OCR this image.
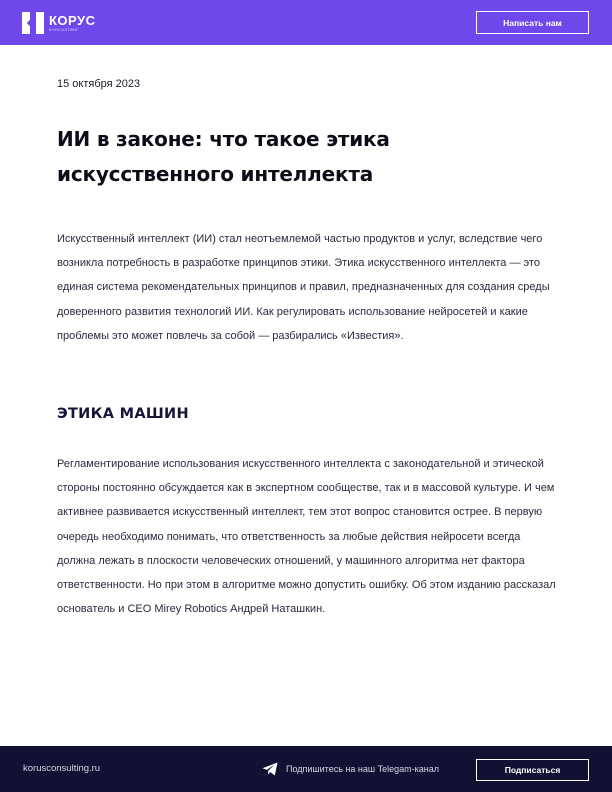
КОРУС
КОНСАЛТИНГ
Написать нам
15 октября 2023
ИИ в законе: что такое этика искусственного интеллекта

Искусственный интеллект (ИИ) стал неотъемлемой частью продуктов и услуг, вследствие чего возникла потребность в разработке принципов этики. Этика искусственного интеллекта — это единая система рекомендательных принципов и правил, предназначенных для создания среды доверенного развития технологий ИИ. Как регулировать использование нейросетей и какие проблемы это может повлечь за собой — разбирались «Известия».

ЭТИКА МАШИН

Регламентирование использования искусственного интеллекта с законодательной и этической стороны постоянно обсуждается как в экспертном сообществе, так и в массовой культуре. И чем активнее развивается искусственный интеллект, тем этот вопрос становится острее. В первую очередь необходимо понимать, что ответственность за любые действия нейросети всегда должна лежать в плоскости человеческих отношений, у машинного алгоритма нет фактора ответственности. Но при этом в алгоритме можно допустить ошибку. Об этом изданию рассказал основатель и CEO Mirey Robotics Андрей Наташкин.

korusconsulting.ru	Подпишитесь на наш Telegam-канал	Подписаться
